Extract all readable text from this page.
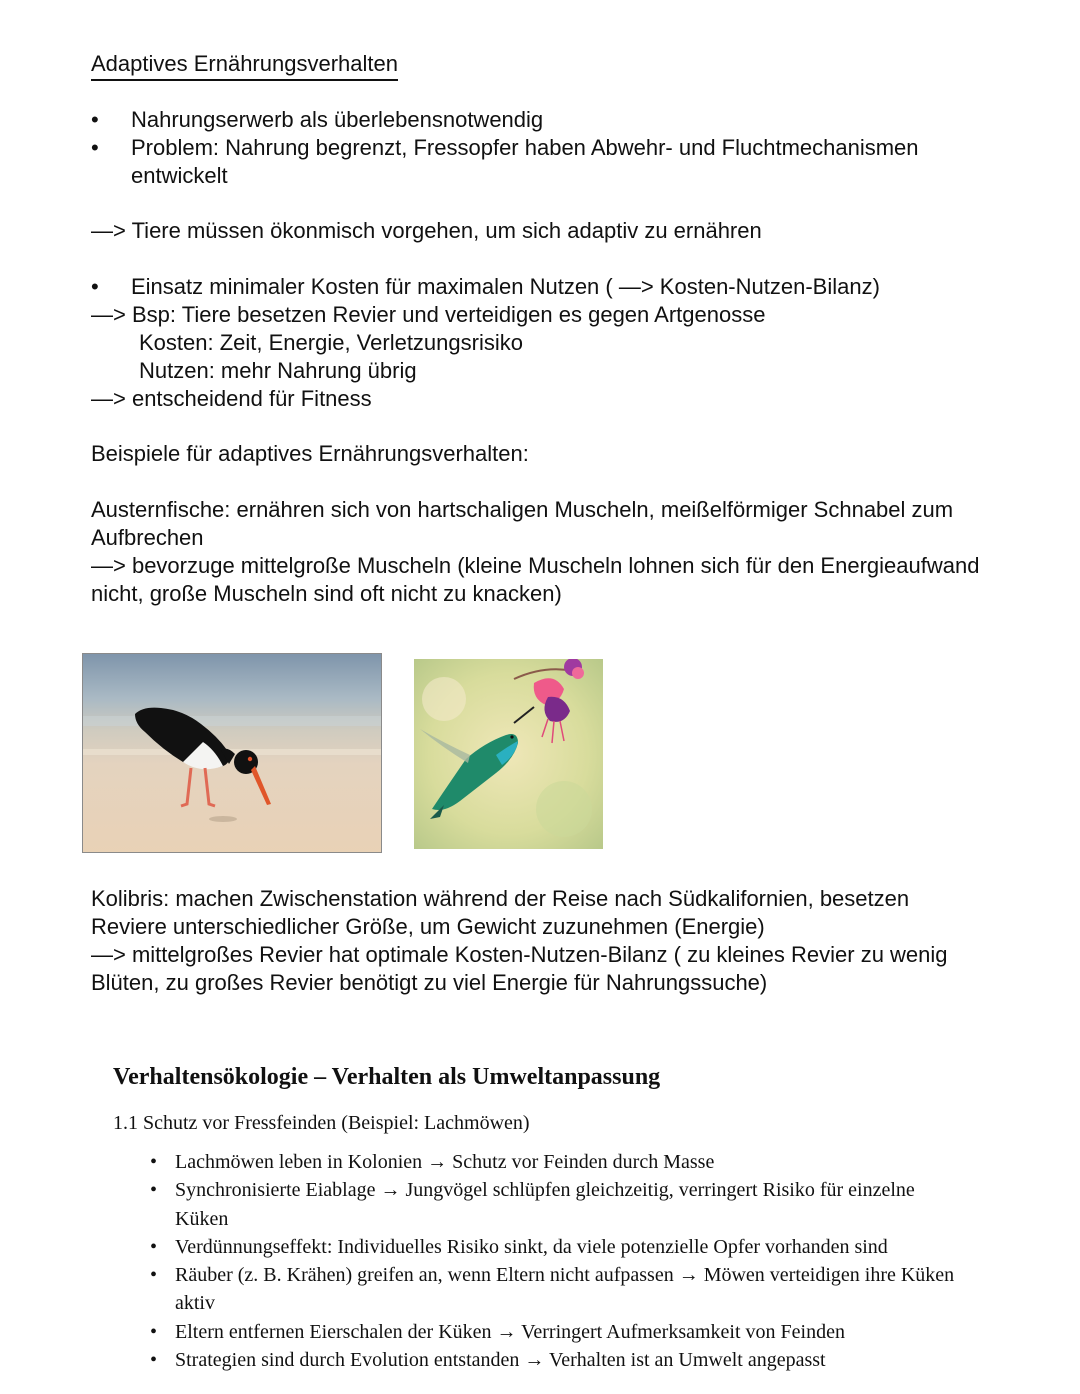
Adaptives Ernährungsverhalten
• Nahrungserwerb als überlebensnotwendig
• Problem: Nahrung begrenzt, Fressopfer haben Abwehr- und Fluchtmechanismen entwickelt

—> Tiere müssen ökonmisch vorgehen, um sich adaptiv zu ernähren

• Einsatz minimaler Kosten für maximalen Nutzen ( —> Kosten-Nutzen-Bilanz)

—> Bsp: Tiere besetzen Revier und verteidigen es gegen Artgenosse

Kosten: Zeit, Energie, Verletzungsrisiko

Nutzen: mehr Nahrung übrig

—> entscheidend für Fitness

Beispiele für adaptives Ernährungsverhalten:

Austernfische: ernähren sich von hartschaligen Muscheln, meißelförmiger Schnabel zum Aufbrechen

—> bevorzuge mittelgroße Muscheln (kleine Muscheln lohnen sich für den Energieaufwand nicht, große Muscheln sind oft nicht zu knacken)

Kolibris: machen Zwischenstation während der Reise nach Südkalifornien, besetzen Reviere unterschiedlicher Größe, um Gewicht zuzunehmen (Energie)

—> mittelgroßes Revier hat optimale Kosten-Nutzen-Bilanz ( zu kleines Revier zu wenig Blüten, zu großes Revier benötigt zu viel Energie für Nahrungssuche)

Verhaltensökologie – Verhalten als Umweltanpassung
1.1 Schutz vor Fressfeinden (Beispiel: Lachmöwen)
• Lachmöwen leben in Kolonien → Schutz vor Feinden durch Masse
• Synchronisierte Eiablage → Jungvögel schlüpfen gleichzeitig, verringert Risiko für einzelne Küken
• Verdünnungseffekt: Individuelles Risiko sinkt, da viele potenzielle Opfer vorhanden sind
• Räuber (z. B. Krähen) greifen an, wenn Eltern nicht aufpassen → Möwen verteidigen ihre Küken aktiv
• Eltern entfernen Eierschalen der Küken → Verringert Aufmerksamkeit von Feinden
• Strategien sind durch Evolution entstanden → Verhalten ist an Umwelt angepasst
